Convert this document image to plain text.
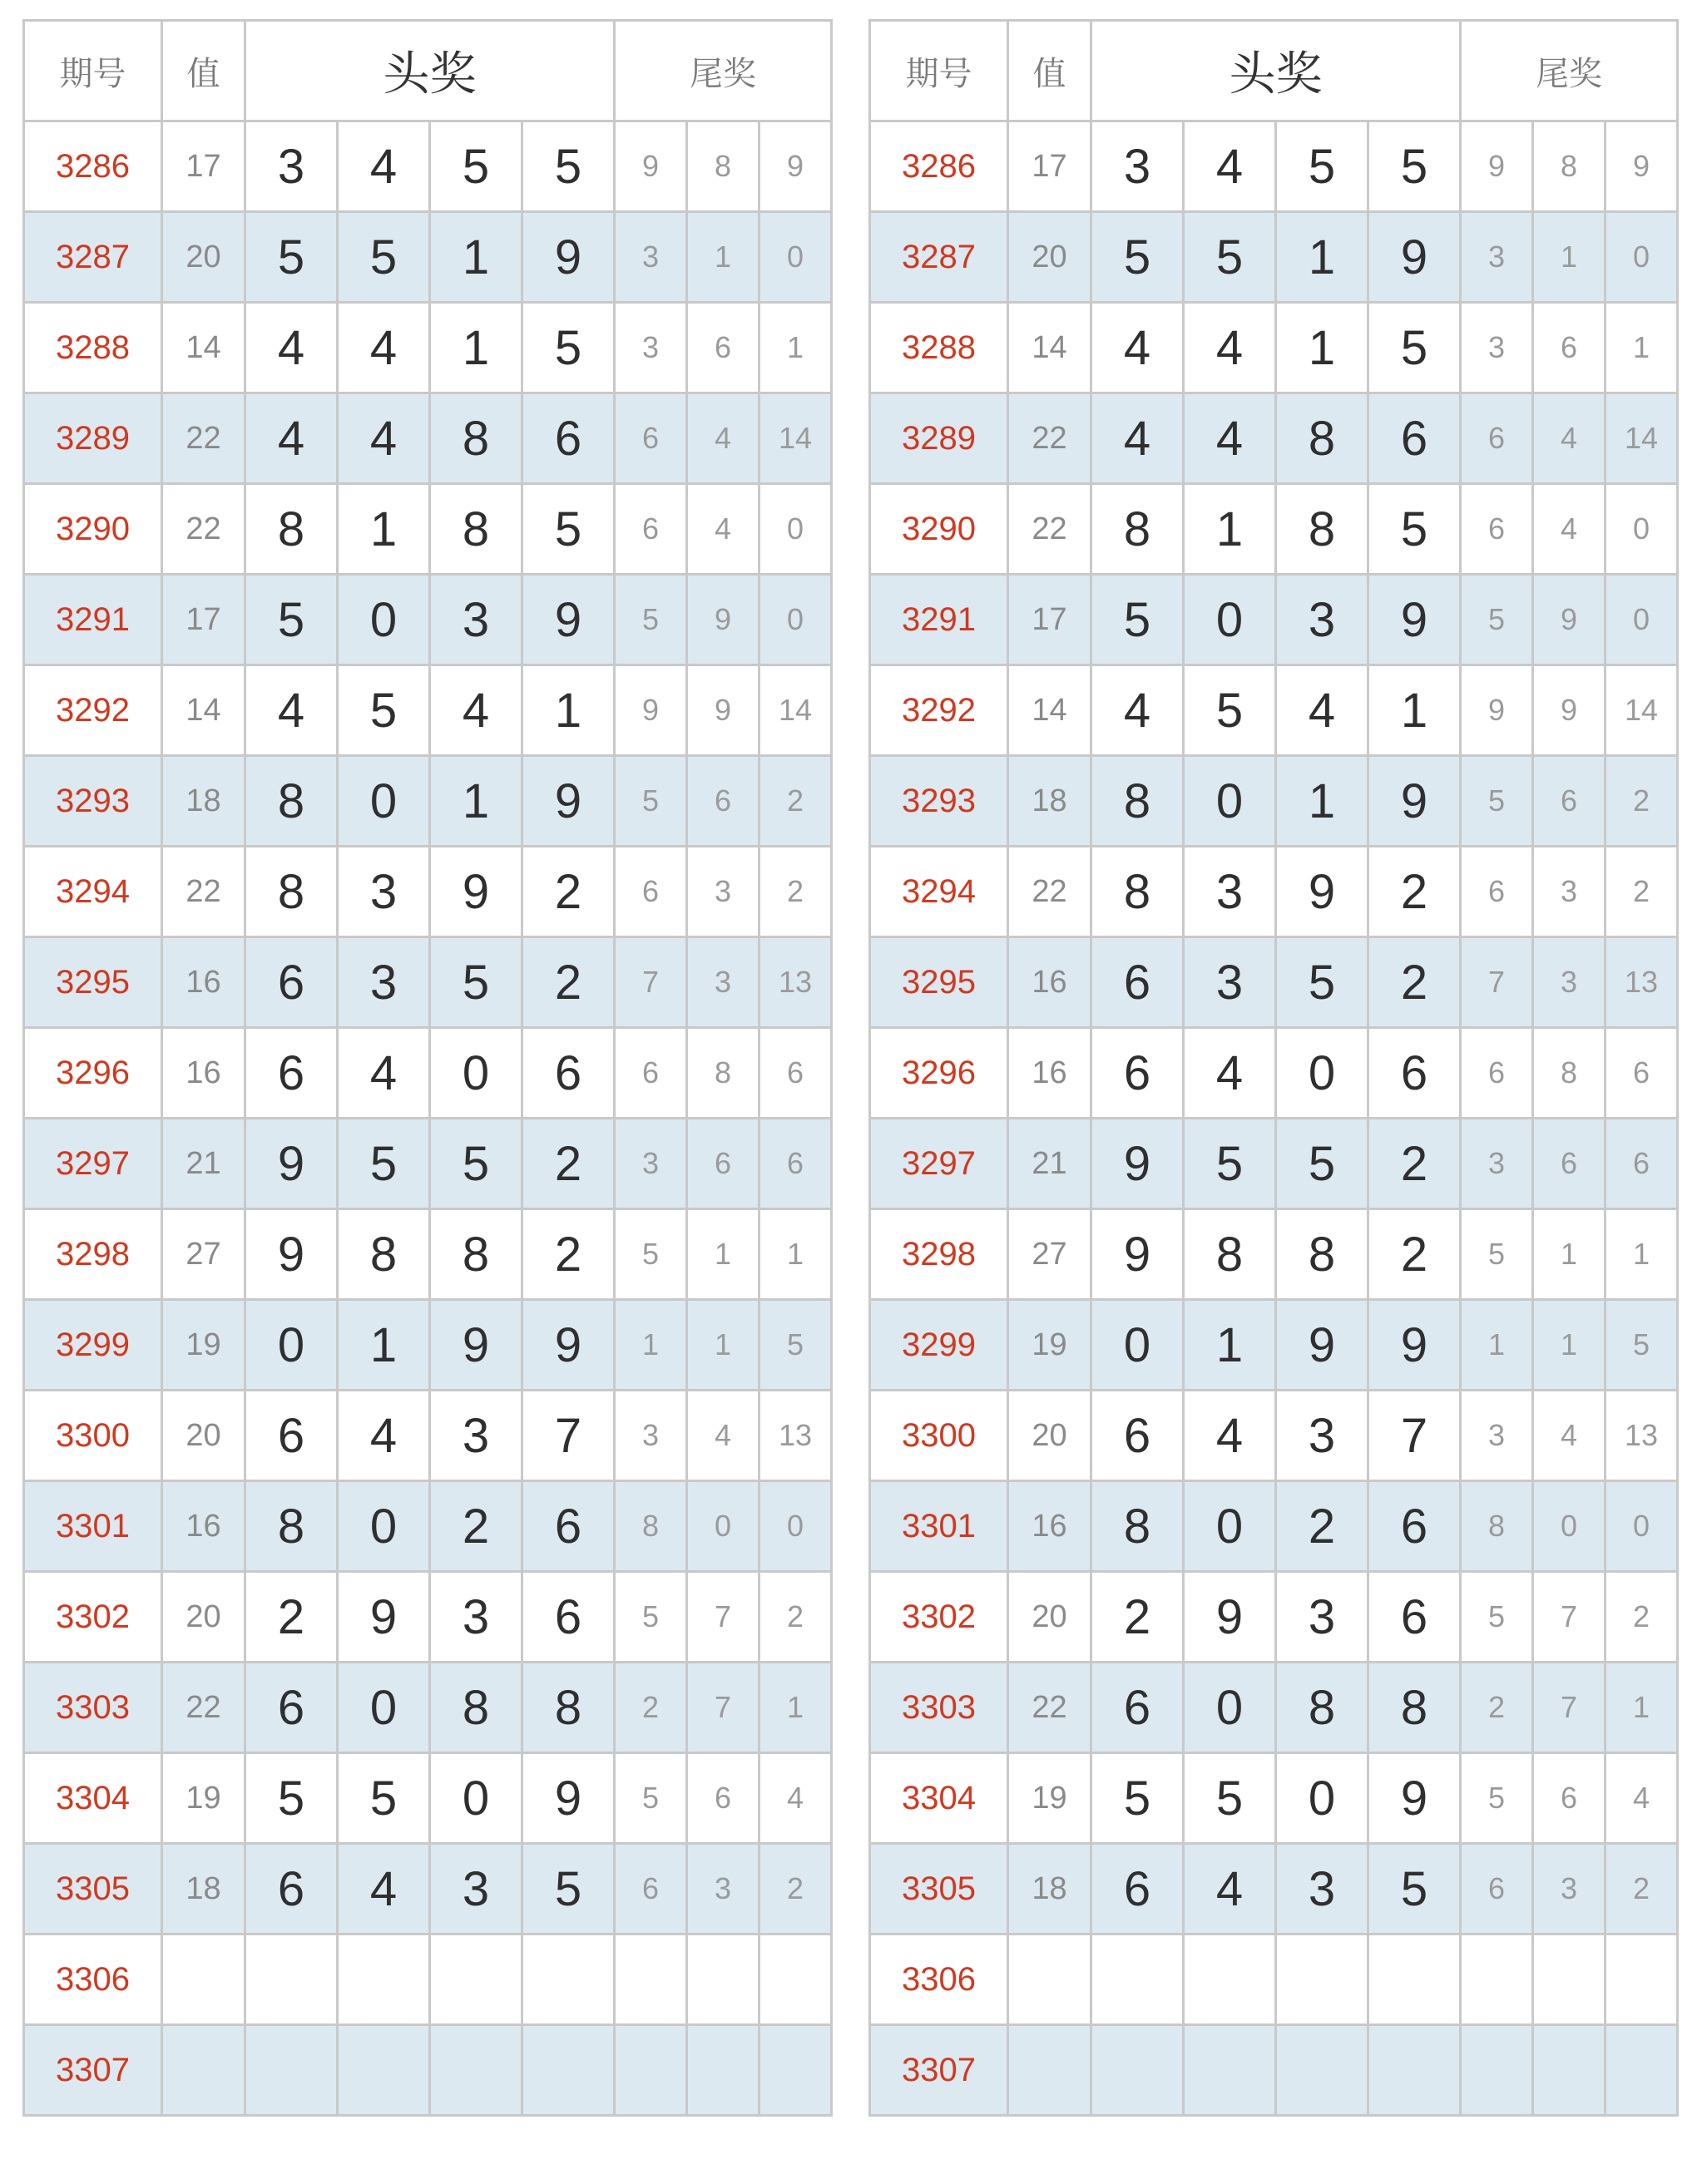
期号	值	头奖				尾奖		
3286	17	3	4	5	5	9	8	9
3287	20	5	5	1	9	3	1	0
3288	14	4	4	1	5	3	6	1
3289	22	4	4	8	6	6	4	14
3290	22	8	1	8	5	6	4	0
3291	17	5	0	3	9	5	9	0
3292	14	4	5	4	1	9	9	14
3293	18	8	0	1	9	5	6	2
3294	22	8	3	9	2	6	3	2
3295	16	6	3	5	2	7	3	13
3296	16	6	4	0	6	6	8	6
3297	21	9	5	5	2	3	6	6
3298	27	9	8	8	2	5	1	1
3299	19	0	1	9	9	1	1	5
3300	20	6	4	3	7	3	4	13
3301	16	8	0	2	6	8	0	0
3302	20	2	9	3	6	5	7	2
3303	22	6	0	8	8	2	7	1
3304	19	5	5	0	9	5	6	4
3305	18	6	4	3	5	6	3	2
3306								
3307								
期号	值	头奖				尾奖		
3286	17	3	4	5	5	9	8	9
3287	20	5	5	1	9	3	1	0
3288	14	4	4	1	5	3	6	1
3289	22	4	4	8	6	6	4	14
3290	22	8	1	8	5	6	4	0
3291	17	5	0	3	9	5	9	0
3292	14	4	5	4	1	9	9	14
3293	18	8	0	1	9	5	6	2
3294	22	8	3	9	2	6	3	2
3295	16	6	3	5	2	7	3	13
3296	16	6	4	0	6	6	8	6
3297	21	9	5	5	2	3	6	6
3298	27	9	8	8	2	5	1	1
3299	19	0	1	9	9	1	1	5
3300	20	6	4	3	7	3	4	13
3301	16	8	0	2	6	8	0	0
3302	20	2	9	3	6	5	7	2
3303	22	6	0	8	8	2	7	1
3304	19	5	5	0	9	5	6	4
3305	18	6	4	3	5	6	3	2
3306								
3307								
